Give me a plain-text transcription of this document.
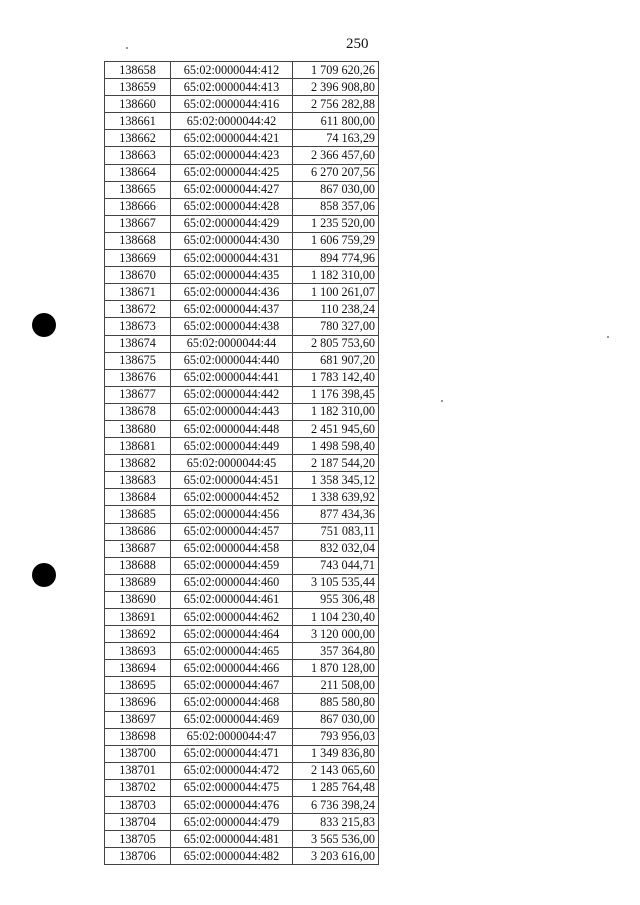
250
138658	65:02:0000044:412	1 709 620,26
138659	65:02:0000044:413	2 396 908,80
138660	65:02:0000044:416	2 756 282,88
138661	65:02:0000044:42	611 800,00
138662	65:02:0000044:421	74 163,29
138663	65:02:0000044:423	2 366 457,60
138664	65:02:0000044:425	6 270 207,56
138665	65:02:0000044:427	867 030,00
138666	65:02:0000044:428	858 357,06
138667	65:02:0000044:429	1 235 520,00
138668	65:02:0000044:430	1 606 759,29
138669	65:02:0000044:431	894 774,96
138670	65:02:0000044:435	1 182 310,00
138671	65:02:0000044:436	1 100 261,07
138672	65:02:0000044:437	110 238,24
138673	65:02:0000044:438	780 327,00
138674	65:02:0000044:44	2 805 753,60
138675	65:02:0000044:440	681 907,20
138676	65:02:0000044:441	1 783 142,40
138677	65:02:0000044:442	1 176 398,45
138678	65:02:0000044:443	1 182 310,00
138680	65:02:0000044:448	2 451 945,60
138681	65:02:0000044:449	1 498 598,40
138682	65:02:0000044:45	2 187 544,20
138683	65:02:0000044:451	1 358 345,12
138684	65:02:0000044:452	1 338 639,92
138685	65:02:0000044:456	877 434,36
138686	65:02:0000044:457	751 083,11
138687	65:02:0000044:458	832 032,04
138688	65:02:0000044:459	743 044,71
138689	65:02:0000044:460	3 105 535,44
138690	65:02:0000044:461	955 306,48
138691	65:02:0000044:462	1 104 230,40
138692	65:02:0000044:464	3 120 000,00
138693	65:02:0000044:465	357 364,80
138694	65:02:0000044:466	1 870 128,00
138695	65:02:0000044:467	211 508,00
138696	65:02:0000044:468	885 580,80
138697	65:02:0000044:469	867 030,00
138698	65:02:0000044:47	793 956,03
138700	65:02:0000044:471	1 349 836,80
138701	65:02:0000044:472	2 143 065,60
138702	65:02:0000044:475	1 285 764,48
138703	65:02:0000044:476	6 736 398,24
138704	65:02:0000044:479	833 215,83
138705	65:02:0000044:481	3 565 536,00
138706	65:02:0000044:482	3 203 616,00
